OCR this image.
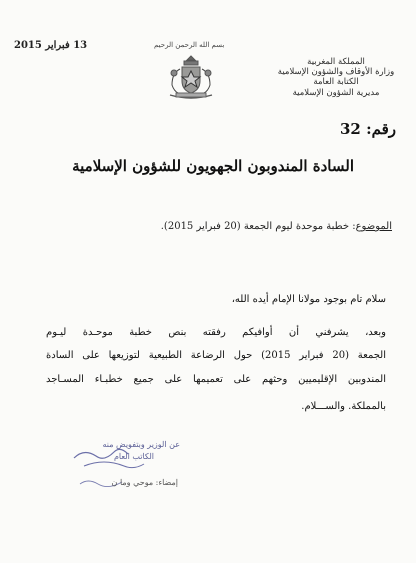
13 فبراير 2015	بسم الله الرحمن الرحيم
المملكة المغربية
وزارة الأوقاف والشؤون الإسلامية
الكتابة العامة
مديرية الشؤون الإسلامية
رقم: 32
السادة المندوبون الجهويون للشؤون الإسلامية
الموضوع: خطبة موحدة ليوم الجمعة (20 فبراير 2015).
سلام تام بوجود مولانا الإمام أيده الله،
وبعد، يشرفني أن أوافيكم رفقته بنص خطبة موحـدة ليـوم
الجمعة (20 فبراير 2015) حول الرضاعة الطبيعية لتوزيعها على السادة
المندوبين الإقليميين وحثهم على تعميمها على جميع خطبـاء المسـاجد
بالمملكة. والســـلام.
عن الوزير وبتفويض منه
الكاتب العام
إمضاء: موحي وما ن
